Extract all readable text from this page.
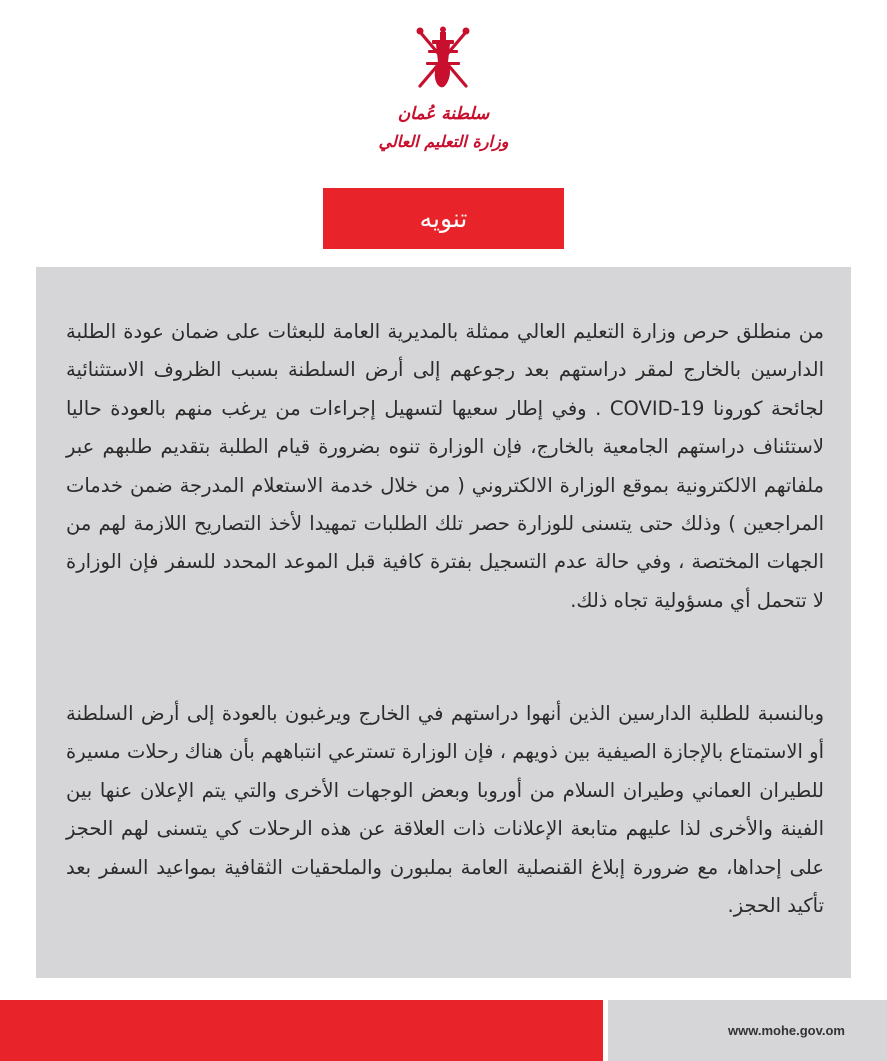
سلطنة عُمان
وزارة التعليم العالي
تنويه

من منطلق حرص وزارة التعليم العالي ممثلة بالمديرية العامة للبعثات على ضمان عودة الطلبة الدارسين بالخارج لمقر دراستهم بعد رجوعهم إلى أرض السلطنة بسبب الظروف الاستثنائية لجائحة كورونا COVID-19 . وفي إطار سعيها لتسهيل إجراءات من يرغب منهم بالعودة حاليا لاستئناف دراستهم الجامعية بالخارج، فإن الوزارة تنوه بضرورة قيام الطلبة بتقديم طلبهم عبر ملفاتهم الالكترونية بموقع الوزارة الالكتروني ( من خلال خدمة الاستعلام المدرجة ضمن خدمات المراجعين ) وذلك حتى يتسنى للوزارة حصر تلك الطلبات تمهيدا لأخذ التصاريح اللازمة لهم من الجهات المختصة ، وفي حالة عدم التسجيل بفترة كافية قبل الموعد المحدد للسفر فإن الوزارة لا تتحمل أي مسؤولية تجاه ذلك.

وبالنسبة للطلبة الدارسين الذين أنهوا دراستهم في الخارج ويرغبون بالعودة إلى أرض السلطنة أو الاستمتاع بالإجازة الصيفية بين ذويهم ، فإن الوزارة تسترعي انتباههم بأن هناك رحلات مسيرة للطيران العماني وطيران السلام من أوروبا وبعض الوجهات الأخرى والتي يتم الإعلان عنها بين الفينة والأخرى لذا عليهم متابعة الإعلانات ذات العلاقة عن هذه الرحلات كي يتسنى لهم الحجز على إحداها، مع ضرورة إبلاغ القنصلية العامة بملبورن والملحقيات الثقافية بمواعيد السفر بعد تأكيد الحجز.

www.mohe.gov.om
